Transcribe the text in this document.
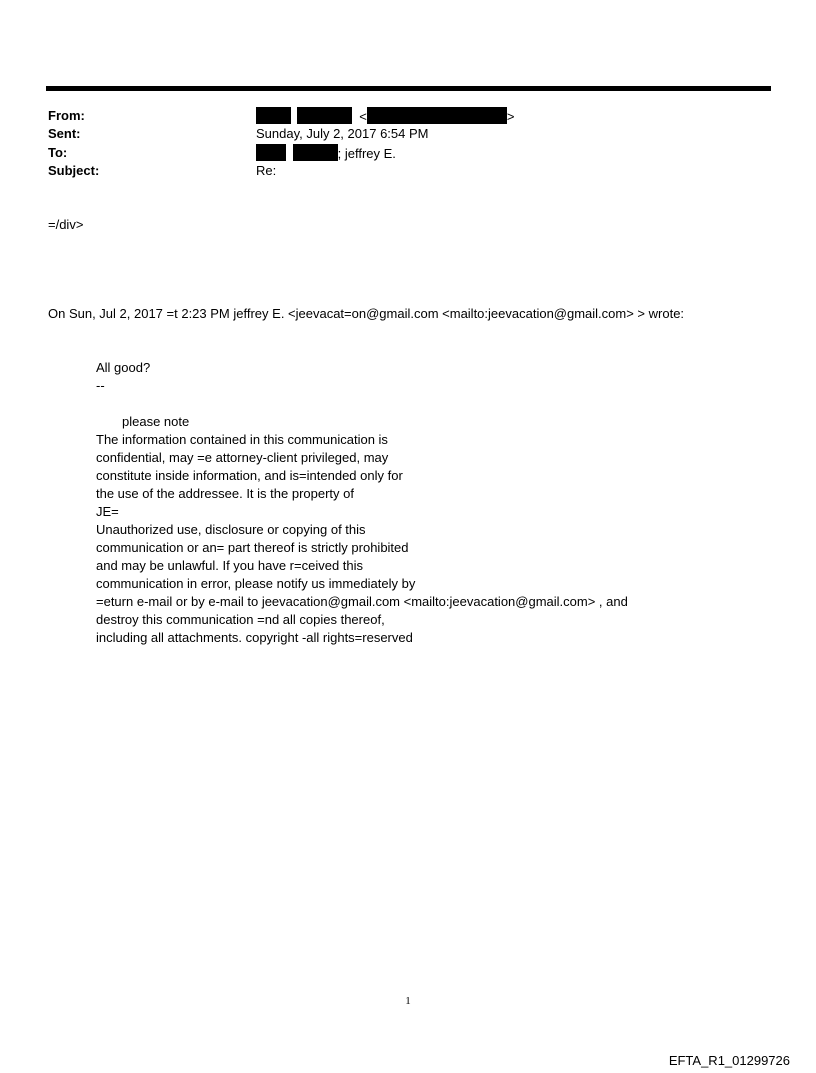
From:
Sent:
To:
Subject:
<	>
Sunday, July 2, 2017 6:54 PM
; jeffrey E.
Re:
=/div>
On Sun, Jul 2, 2017 =t 2:23 PM jeffrey E. <jeevacat=on@gmail.com <mailto:jeevacation@gmail.com> > wrote:
All good?
--
please note
The information contained in this communication is
confidential, may =e attorney-client privileged, may
constitute inside information, and is=intended only for
the use of the addressee. It is the property of
JE=
Unauthorized use, disclosure or copying of this
communication or an= part thereof is strictly prohibited
and may be unlawful. If you have r=ceived this
communication in error, please notify us immediately by
=eturn e-mail or by e-mail to jeevacation@gmail.com <mailto:jeevacation@gmail.com> , and
destroy this communication =nd all copies thereof,
including all attachments. copyright -all rights=reserved
1
EFTA_R1_01299726
